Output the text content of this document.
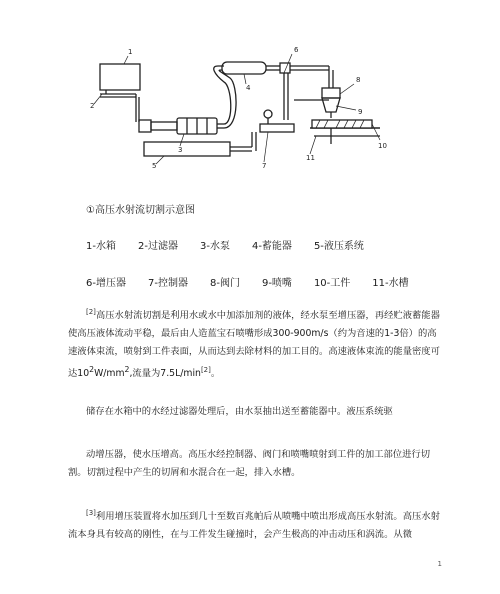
1
2
3
4
5
6
7
8
9
10
11
①高压水射流切割示意图
1-水箱 2-过滤器 3-水泵 4-蓄能器 5-液压系统
6-增压器 7-控制器 8-阀门 9-喷嘴 10-工件 11-水槽

[2]高压水射流切割是利用水或水中加添加剂的液体，经水泵至增压器，再经贮液蓄能器使高压液体流动平稳，最后由人造蓝宝石喷嘴形成300-900m/s（约为音速的1-3倍）的高速液体束流，喷射到工件表面，从而达到去除材料的加工目的。高速液体束流的能量密度可达$10^2W/mm^2$,流量为7.5L/min[2]。

储存在水箱中的水经过滤器处理后，由水泵抽出送至蓄能器中。液压系统驱

动增压器，使水压增高。高压水经控制器、阀门和喷嘴喷射到工件的加工部位进行切割。切割过程中产生的切屑和水混合在一起，排入水槽。

[3]利用增压装置将水加压到几十至数百兆帕后从喷嘴中喷出形成高压水射流。高压水射流本身具有较高的刚性，在与工件发生碰撞时，会产生极高的冲击动压和涡流。从微

1
